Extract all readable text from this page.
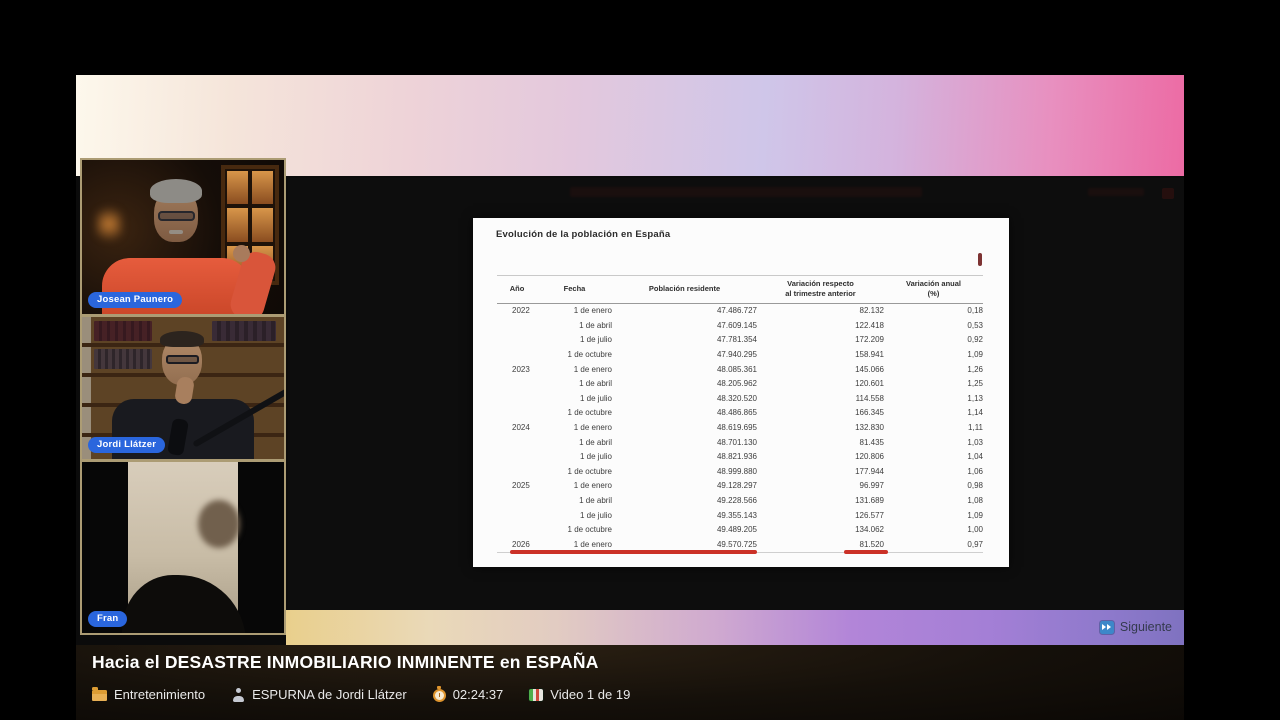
Evolución de la población en España
Año	Fecha	Población residente	Variación respecto
al trimestre anterior	Variación anual
(%)
2022	1 de enero	47.486.727	82.132	0,18
	1 de abril	47.609.145	122.418	0,53
	1 de julio	47.781.354	172.209	0,92
	1 de octubre	47.940.295	158.941	1,09
2023	1 de enero	48.085.361	145.066	1,26
	1 de abril	48.205.962	120.601	1,25
	1 de julio	48.320.520	114.558	1,13
	1 de octubre	48.486.865	166.345	1,14
2024	1 de enero	48.619.695	132.830	1,11
	1 de abril	48.701.130	81.435	1,03
	1 de julio	48.821.936	120.806	1,04
	1 de octubre	48.999.880	177.944	1,06
2025	1 de enero	49.128.297	96.997	0,98
	1 de abril	49.228.566	131.689	1,08
	1 de julio	49.355.143	126.577	1,09
	1 de octubre	49.489.205	134.062	1,00
2026	1 de enero	49.570.725	81.520	0,97
Josean Paunero
Jordi Llátzer
Fran
Siguiente
Hacia el DESASTRE INMOBILIARIO INMINENTE en ESPAÑA
Entretenimiento	ESPURNA de Jordi Llátzer	02:24:37	Video 1 de 19
